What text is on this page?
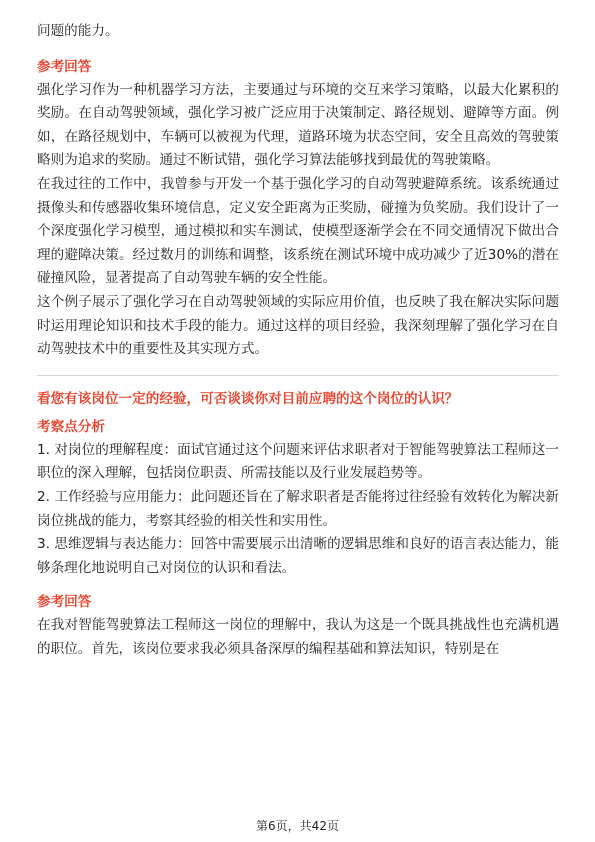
问题的能力。

参考回答

强化学习作为一种机器学习方法，主要通过与环境的交互来学习策略，以最大化累积的奖励。在自动驾驶领域，强化学习被广泛应用于决策制定、路径规划、避障等方面。例如，在路径规划中，车辆可以被视为代理，道路环境为状态空间，安全且高效的驾驶策略则为追求的奖励。通过不断试错，强化学习算法能够找到最优的驾驶策略。

在我过往的工作中，我曾参与开发一个基于强化学习的自动驾驶避障系统。该系统通过摄像头和传感器收集环境信息，定义安全距离为正奖励，碰撞为负奖励。我们设计了一个深度强化学习模型，通过模拟和实车测试，使模型逐渐学会在不同交通情况下做出合理的避障决策。经过数月的训练和调整，该系统在测试环境中成功减少了近30%的潜在碰撞风险，显著提高了自动驾驶车辆的安全性能。

这个例子展示了强化学习在自动驾驶领域的实际应用价值，也反映了我在解决实际问题时运用理论知识和技术手段的能力。通过这样的项目经验，我深刻理解了强化学习在自动驾驶技术中的重要性及其实现方式。

看您有该岗位一定的经验，可否谈谈你对目前应聘的这个岗位的认识？
考察点分析

1. 对岗位的理解程度：面试官通过这个问题来评估求职者对于智能驾驶算法工程师这一职位的深入理解，包括岗位职责、所需技能以及行业发展趋势等。

2. 工作经验与应用能力：此问题还旨在了解求职者是否能将过往经验有效转化为解决新岗位挑战的能力，考察其经验的相关性和实用性。

3. 思维逻辑与表达能力：回答中需要展示出清晰的逻辑思维和良好的语言表达能力，能够条理化地说明自己对岗位的认识和看法。

参考回答

在我对智能驾驶算法工程师这一岗位的理解中，我认为这是一个既具挑战性也充满机遇的职位。首先，该岗位要求我必须具备深厚的编程基础和算法知识，特别是在

第6页，共42页
